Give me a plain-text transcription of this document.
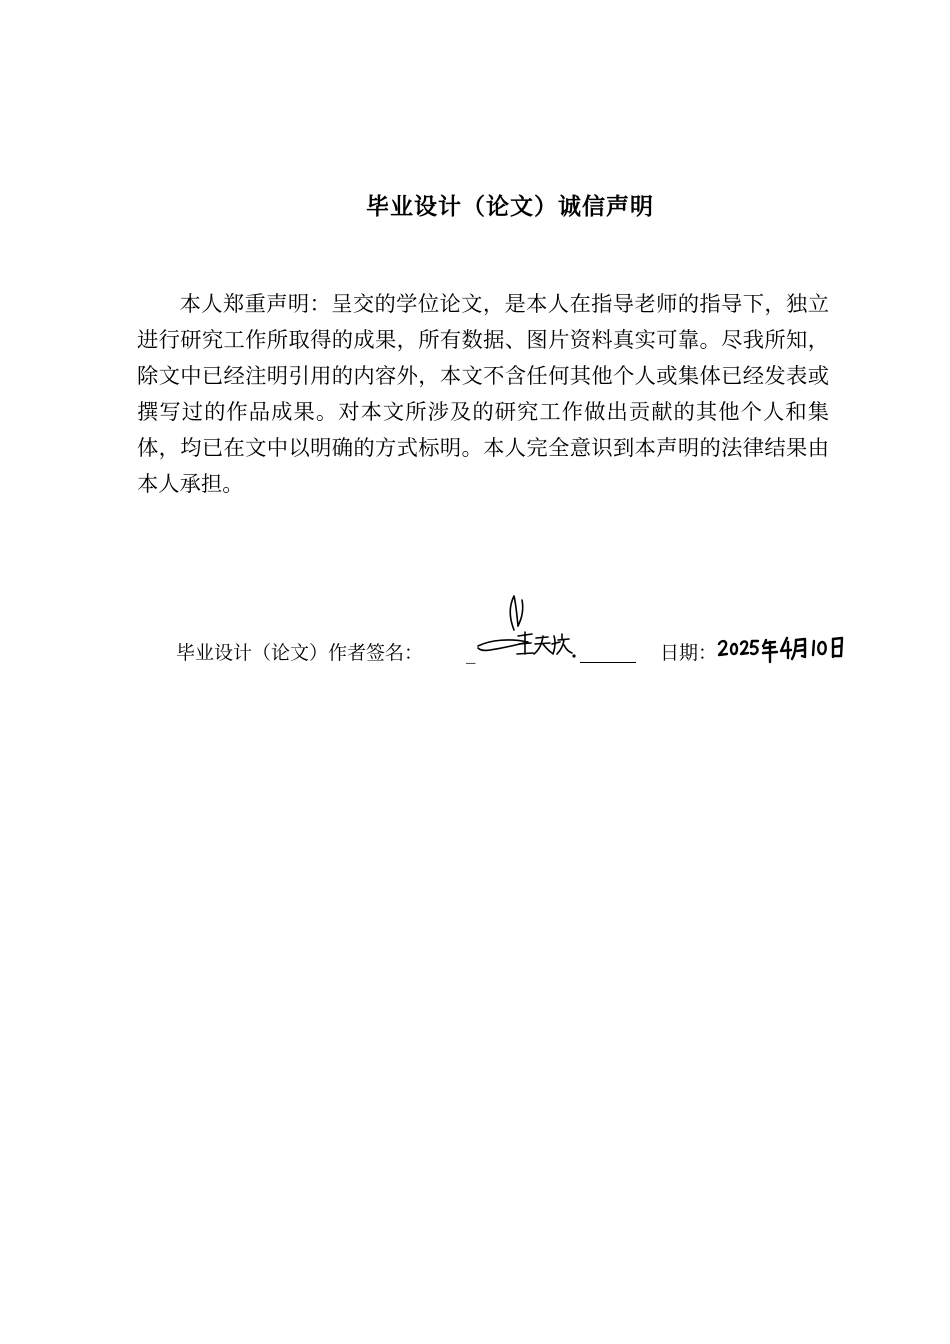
毕业设计（论文）诚信声明

本人郑重声明：呈交的学位论文，是本人在指导老师的指导下，独立进行研究工作所取得的成果，所有数据、图片资料真实可靠。尽我所知，除文中已经注明引用的内容外，本文不含任何其他个人或集体已经发表或撰写过的作品成果。对本文所涉及的研究工作做出贡献的其他个人和集体，均已在文中以明确的方式标明。本人完全意识到本声明的法律结果由本人承担。

毕业设计（论文）作者签名： _	日期：
